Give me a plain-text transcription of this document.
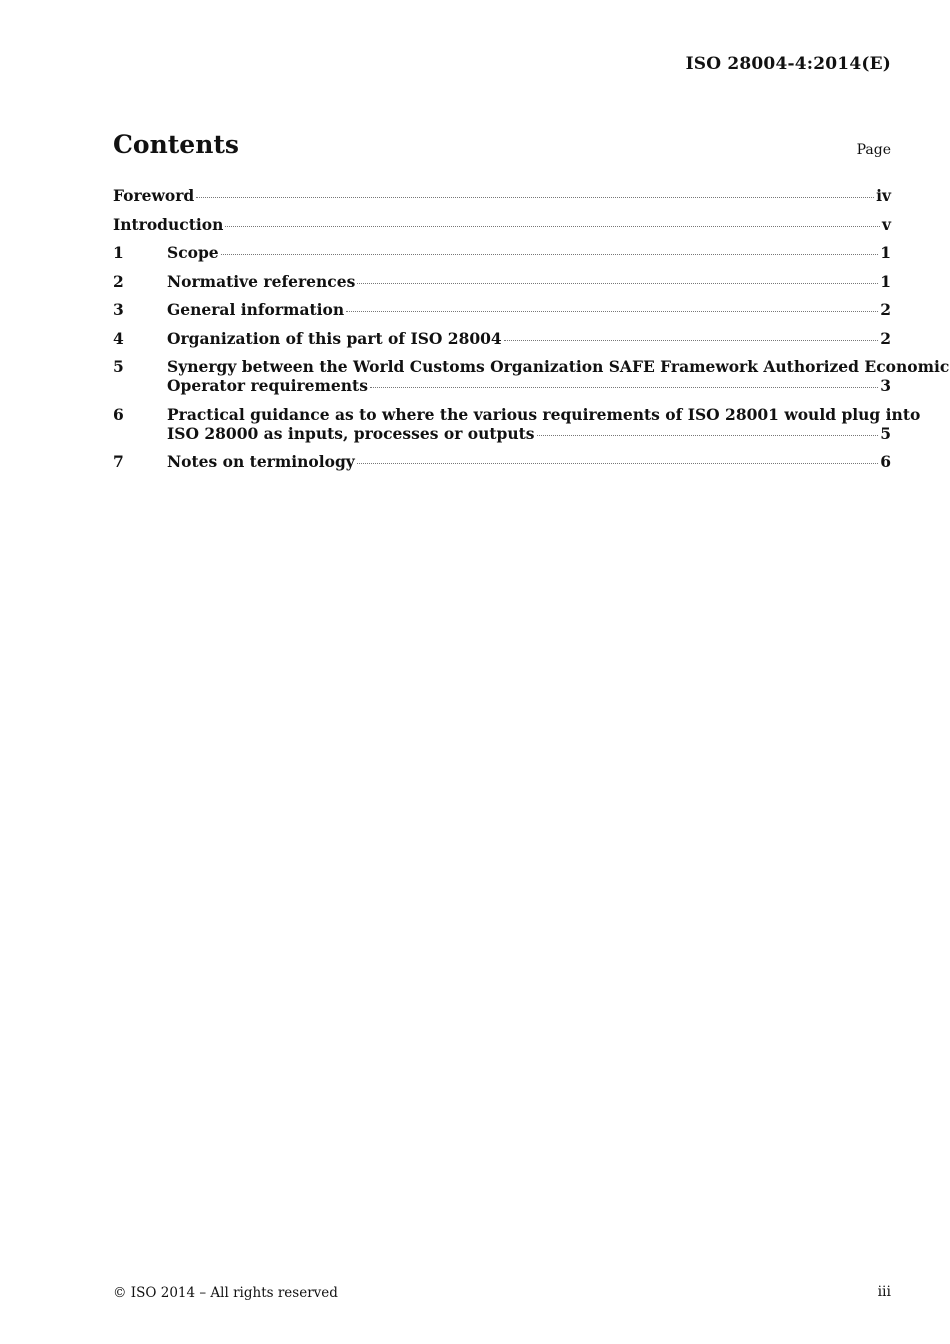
ISO 28004-4:2014(E)
Contents	Page
Foreword	iv
Introduction	v
1	Scope	1
2	Normative references	1
3	General information	2
4	Organization of this part of ISO 28004	2
5	Synergy between the World Customs Organization SAFE Framework Authorized Economic
Operator requirements	3
6	Practical guidance as to where the various requirements of ISO 28001 would plug into
ISO 28000 as inputs, processes or outputs	5
7	Notes on terminology	6
© ISO 2014 – All rights reserved	iii
